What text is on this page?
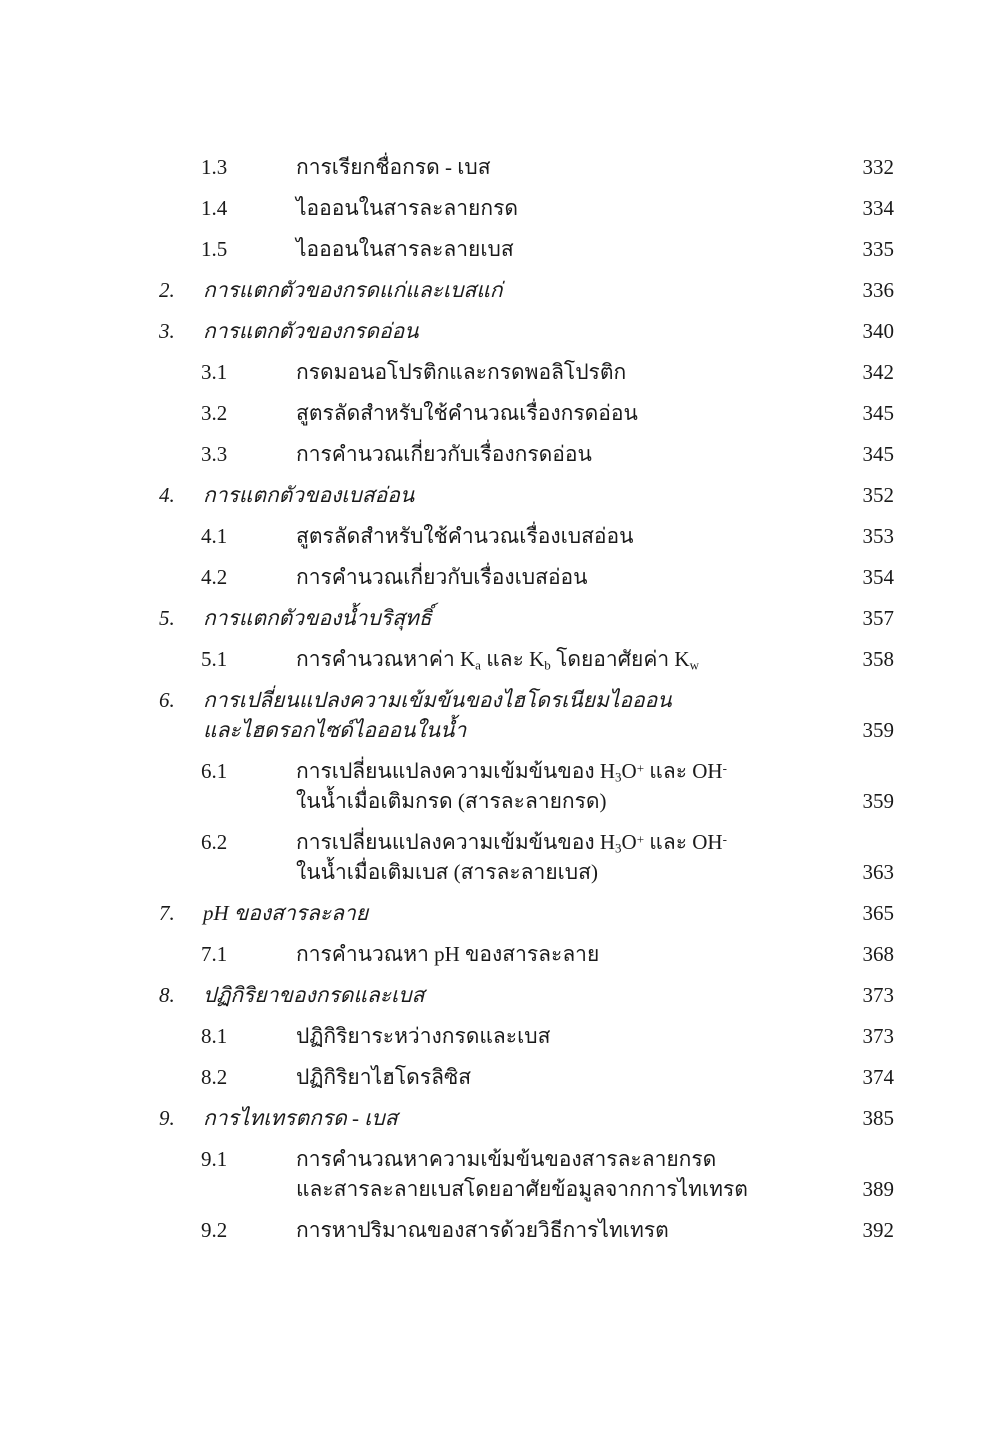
1.3	การเรียกชื่อกรด - เบส	332
1.4	ไอออนในสารละลายกรด	334
1.5	ไอออนในสารละลายเบส	335
2.	การแตกตัวของกรดแก่และเบสแก่	336
3.	การแตกตัวของกรดอ่อน	340
3.1	กรดมอนอโปรติกและกรดพอลิโปรติก	342
3.2	สูตรลัดสำหรับใช้คำนวณเรื่องกรดอ่อน	345
3.3	การคำนวณเกี่ยวกับเรื่องกรดอ่อน	345
4.	การแตกตัวของเบสอ่อน	352
4.1	สูตรลัดสำหรับใช้คำนวณเรื่องเบสอ่อน	353
4.2	การคำนวณเกี่ยวกับเรื่องเบสอ่อน	354
5.	การแตกตัวของน้ำบริสุทธิ์	357
5.1	การคำนวณหาค่า $K_a$ และ $K_b$ โดยอาศัยค่า $K_w$	358
6.	การเปลี่ยนแปลงความเข้มข้นของไฮโดรเนียมไอออน
และไฮดรอกไซด์ไอออนในน้ำ	359
6.1	การเปลี่ยนแปลงความเข้มข้นของ $H_3O^+$ และ OH-
ในน้ำเมื่อเติมกรด (สารละลายกรด)	359
6.2	การเปลี่ยนแปลงความเข้มข้นของ $H_3O^+$ และ OH-
ในน้ำเมื่อเติมเบส (สารละลายเบส)	363
7.	pH ของสารละลาย	365
7.1	การคำนวณหา pH ของสารละลาย	368
8.	ปฏิกิริยาของกรดและเบส	373
8.1	ปฏิกิริยาระหว่างกรดและเบส	373
8.2	ปฏิกิริยาไฮโดรลิซิส	374
9.	การไทเทรตกรด - เบส	385
9.1	การคำนวณหาความเข้มข้นของสารละลายกรด
และสารละลายเบสโดยอาศัยข้อมูลจากการไทเทรต	389
9.2	การหาปริมาณของสารด้วยวิธีการไทเทรต	392
